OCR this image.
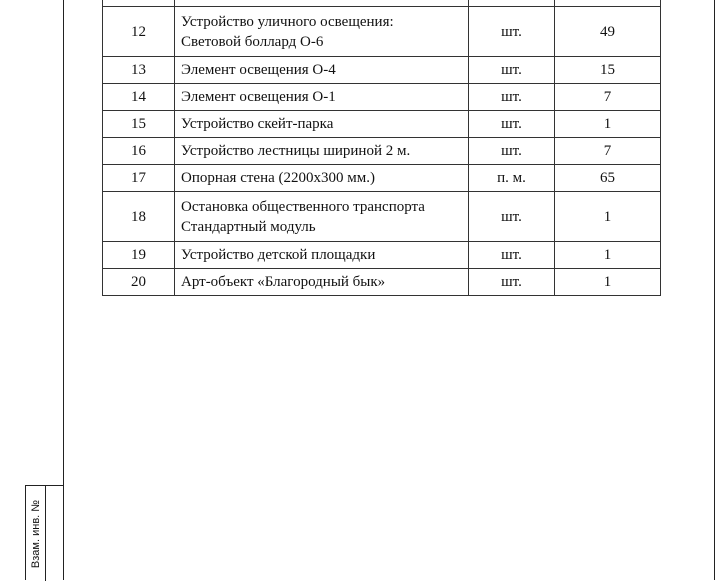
Взам. инв. №

12	Устройство уличного освещения:
Световой боллард О-6	шт.	49
13	Элемент освещения О-4	шт.	15
14	Элемент освещения О-1	шт.	7
15	Устройство скейт-парка	шт.	1
16	Устройство лестницы шириной 2 м.	шт.	7
17	Опорная стена (2200х300 мм.)	п. м.	65
18	Остановка общественного транспорта
Стандартный модуль	шт.	1
19	Устройство детской площадки	шт.	1
20	Арт-объект «Благородный бык»	шт.	1
